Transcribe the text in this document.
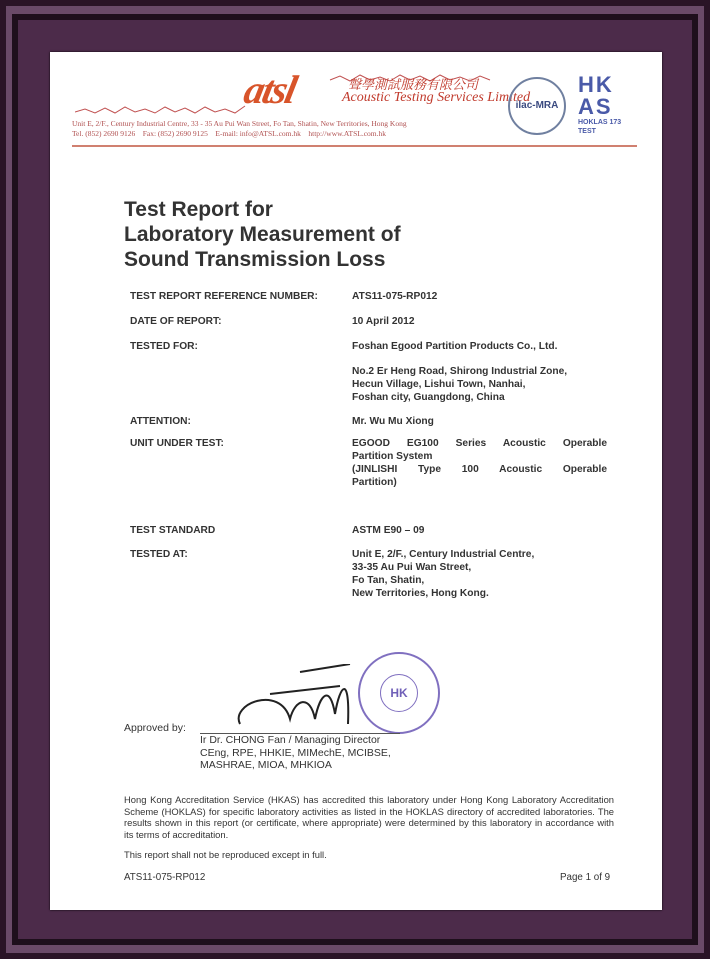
atsl	聲學測試服務有限公司
Acoustic Testing Services Limited
Unit E, 2/F., Century Industrial Centre, 33 - 35 Au Pui Wan Street, Fo Tan, Shatin, New Territories, Hong Kong
Tel. (852) 2690 9126    Fax: (852) 2690 9125    E-mail: info@ATSL.com.hk    http://www.ATSL.com.hk
ilac-MRA
HKAS
HOKLAS 173
TEST
Test Report for
Laboratory Measurement of
Sound Transmission Loss
TEST REPORT REFERENCE NUMBER:	ATS11-075-RP012
DATE OF REPORT:	10 April 2012
TESTED FOR:	Foshan Egood Partition Products Co., Ltd.
No.2 Er Heng Road, Shirong Industrial Zone,
Hecun Village, Lishui Town, Nanhai,
Foshan city, Guangdong, China
ATTENTION:	Mr. Wu Mu Xiong
UNIT UNDER TEST:	EGOOD EG100 Series Acoustic Operable
Partition System
(JINLISHI Type 100 Acoustic Operable
Partition)
TEST STANDARD	ASTM E90 – 09
TESTED AT:	Unit E, 2/F., Century Industrial Centre,
33-35 Au Pui Wan Street,
Fo Tan, Shatin,
New Territories, Hong Kong.
HK
Approved by:
Ir Dr. CHONG Fan / Managing Director
CEng, RPE, HHKIE, MIMechE, MCIBSE,
MASHRAE, MIOA, MHKIOA
Hong Kong Accreditation Service (HKAS) has accredited this laboratory under Hong Kong Laboratory Accreditation Scheme (HOKLAS) for specific laboratory activities as listed in the HOKLAS directory of accredited laboratories. The results shown in this report (or certificate, where appropriate) were determined by this laboratory in accordance with its terms of accreditation.
This report shall not be reproduced except in full.
ATS11-075-RP012	Page 1 of 9
